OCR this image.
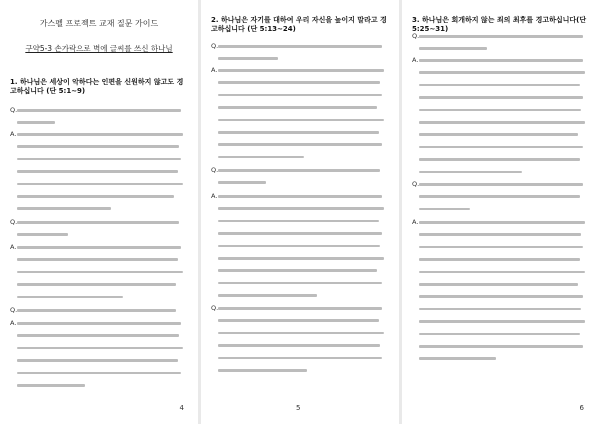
가스펠 프로젝트 교재 질문 가이드
구약5-3 손가락으로 벽에 글씨를 쓰신 하나님
1. 하나님은 세상이 악하다는 인편을 신원하지 않고도 경고하십니다 (단 5:1~9)
Q.
A.
Q.
A.
Q.
A.
4
2. 하나님은 자기를 대하여 우리 자신을 높이지 말라고 경고하십니다 (단 5:13~24)
Q.
A.
Q.
A.
Q.
5
3. 하나님은 회개하지 않는 죄의 최후를 경고하십니다(단 5:25~31)
Q.
A.
Q.
A.
6
